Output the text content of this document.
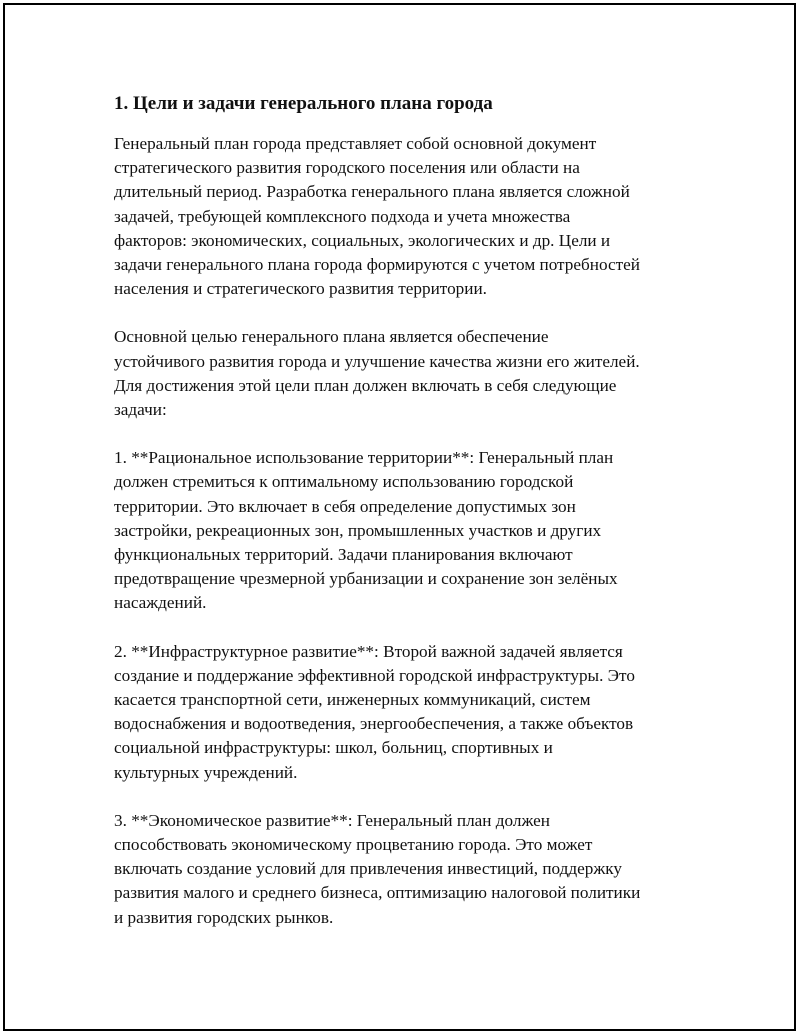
1. Цели и задачи генерального плана города
Генеральный план города представляет собой основной документ
стратегического развития городского поселения или области на
длительный период. Разработка генерального плана является сложной
задачей, требующей комплексного подхода и учета множества
факторов: экономических, социальных, экологических и др. Цели и
задачи генерального плана города формируются с учетом потребностей
населения и стратегического развития территории.
Основной целью генерального плана является обеспечение
устойчивого развития города и улучшение качества жизни его жителей.
Для достижения этой цели план должен включать в себя следующие
задачи:
1. **Рациональное использование территории**: Генеральный план
должен стремиться к оптимальному использованию городской
территории. Это включает в себя определение допустимых зон
застройки, рекреационных зон, промышленных участков и других
функциональных территорий. Задачи планирования включают
предотвращение чрезмерной урбанизации и сохранение зон зелёных
насаждений.
2. **Инфраструктурное развитие**: Второй важной задачей является
создание и поддержание эффективной городской инфраструктуры. Это
касается транспортной сети, инженерных коммуникаций, систем
водоснабжения и водоотведения, энергообеспечения, а также объектов
социальной инфраструктуры: школ, больниц, спортивных и
культурных учреждений.
3. **Экономическое развитие**: Генеральный план должен
способствовать экономическому процветанию города. Это может
включать создание условий для привлечения инвестиций, поддержку
развития малого и среднего бизнеса, оптимизацию налоговой политики
и развития городских рынков.
